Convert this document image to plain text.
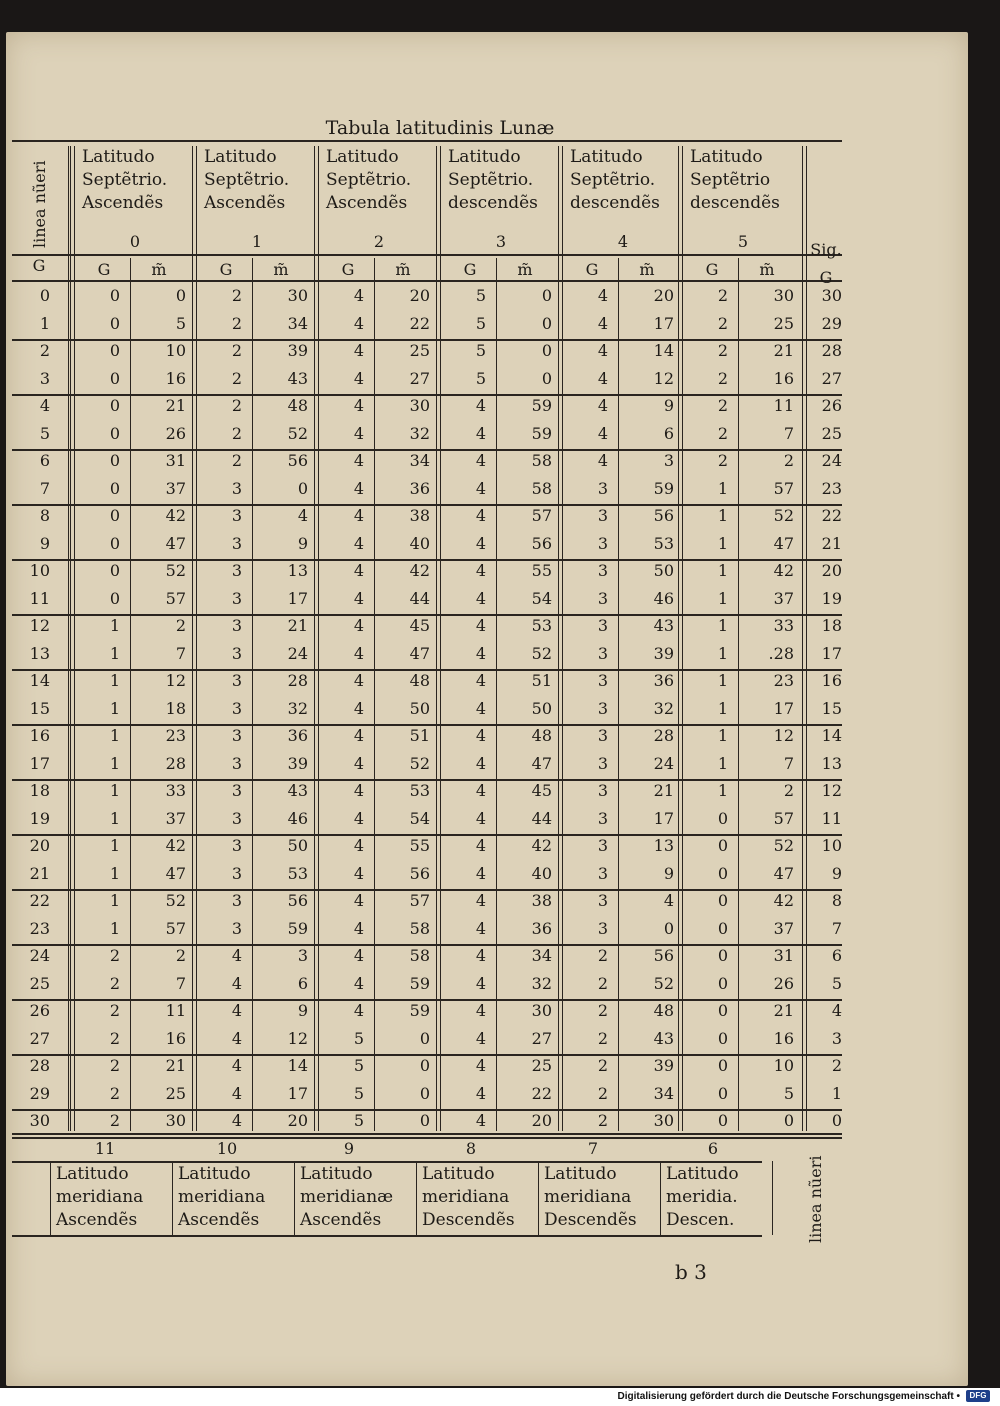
Tabula latitudinis Lunæ
b 3
Digitalisierung gefördert durch die Deutsche Forschungsgemeinschaft •	DFG
linea nũeri
G
Latitudo
Septẽtrio.
Ascendẽs
0
G	m̃
Latitudo
Septẽtrio.
Ascendẽs
1
G	m̃
Latitudo
Septẽtrio.
Ascendẽs
2
G	m̃
Latitudo
Septẽtrio.
descendẽs
3
G	m̃
Latitudo
Septẽtrio.
descendẽs
4
G	m̃
Latitudo
Septẽtrio
descendẽs
5
G	m̃
Sig.
G
0	0	0	2	30	4	20	5	0	4	20	2	30	30
1	0	5	2	34	4	22	5	0	4	17	2	25	29
2	0	10	2	39	4	25	5	0	4	14	2	21	28
3	0	16	2	43	4	27	5	0	4	12	2	16	27
4	0	21	2	48	4	30	4	59	4	9	2	11	26
5	0	26	2	52	4	32	4	59	4	6	2	7	25
6	0	31	2	56	4	34	4	58	4	3	2	2	24
7	0	37	3	0	4	36	4	58	3	59	1	57	23
8	0	42	3	4	4	38	4	57	3	56	1	52	22
9	0	47	3	9	4	40	4	56	3	53	1	47	21
10	0	52	3	13	4	42	4	55	3	50	1	42	20
11	0	57	3	17	4	44	4	54	3	46	1	37	19
12	1	2	3	21	4	45	4	53	3	43	1	33	18
13	1	7	3	24	4	47	4	52	3	39	1	.28	17
14	1	12	3	28	4	48	4	51	3	36	1	23	16
15	1	18	3	32	4	50	4	50	3	32	1	17	15
16	1	23	3	36	4	51	4	48	3	28	1	12	14
17	1	28	3	39	4	52	4	47	3	24	1	7	13
18	1	33	3	43	4	53	4	45	3	21	1	2	12
19	1	37	3	46	4	54	4	44	3	17	0	57	11
20	1	42	3	50	4	55	4	42	3	13	0	52	10
21	1	47	3	53	4	56	4	40	3	9	0	47	9
22	1	52	3	56	4	57	4	38	3	4	0	42	8
23	1	57	3	59	4	58	4	36	3	0	0	37	7
24	2	2	4	3	4	58	4	34	2	56	0	31	6
25	2	7	4	6	4	59	4	32	2	52	0	26	5
26	2	11	4	9	4	59	4	30	2	48	0	21	4
27	2	16	4	12	5	0	4	27	2	43	0	16	3
28	2	21	4	14	5	0	4	25	2	39	0	10	2
29	2	25	4	17	5	0	4	22	2	34	0	5	1
30	2	30	4	20	5	0	4	20	2	30	0	0	0
11
Latitudo
meridiana
Ascendẽs
10
Latitudo
meridiana
Ascendẽs
9
Latitudo
meridianæ
Ascendẽs
8
Latitudo
meridiana
Descendẽs
7
Latitudo
meridiana
Descendẽs
6
Latitudo
meridia.
Descen.	linea nũeri
